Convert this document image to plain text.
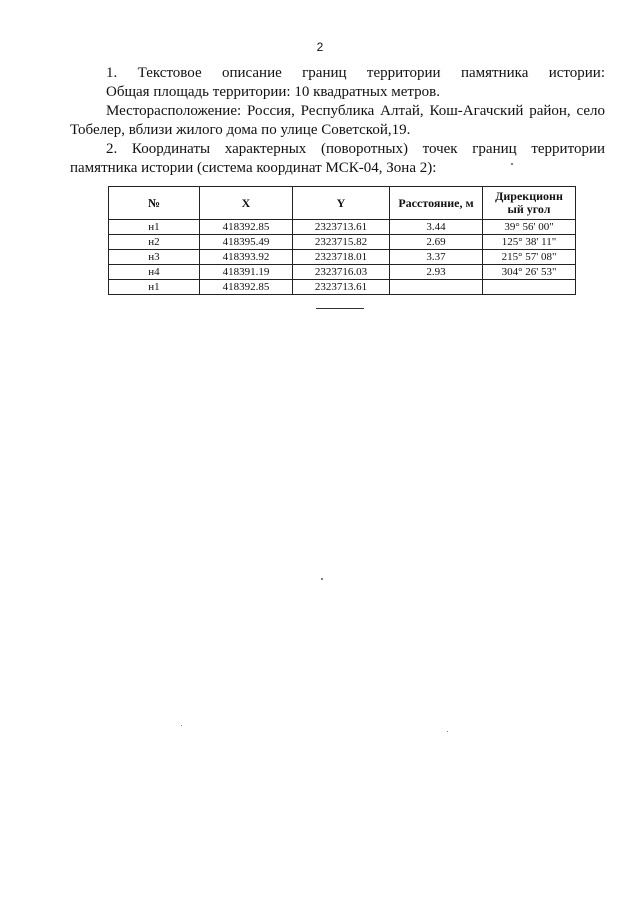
2

1. Текстовое описание границ территории памятника истории:

Общая площадь территории: 10 квадратных метров.

Месторасположение: Россия, Республика Алтай, Кош-Агачский район, село Тобелер, вблизи жилого дома по улице Советской,19.

2. Координаты характерных (поворотных) точек границ территории памятника истории (система координат МСК-04, Зона 2):

№	X	Y	Расстояние, м	Дирекционн ый угол
н1	418392.85	2323713.61	3.44	39° 56' 00"
н2	418395.49	2323715.82	2.69	125° 38' 11"
н3	418393.92	2323718.01	3.37	215° 57' 08"
н4	418391.19	2323716.03	2.93	304° 26' 53"
н1	418392.85	2323713.61		
